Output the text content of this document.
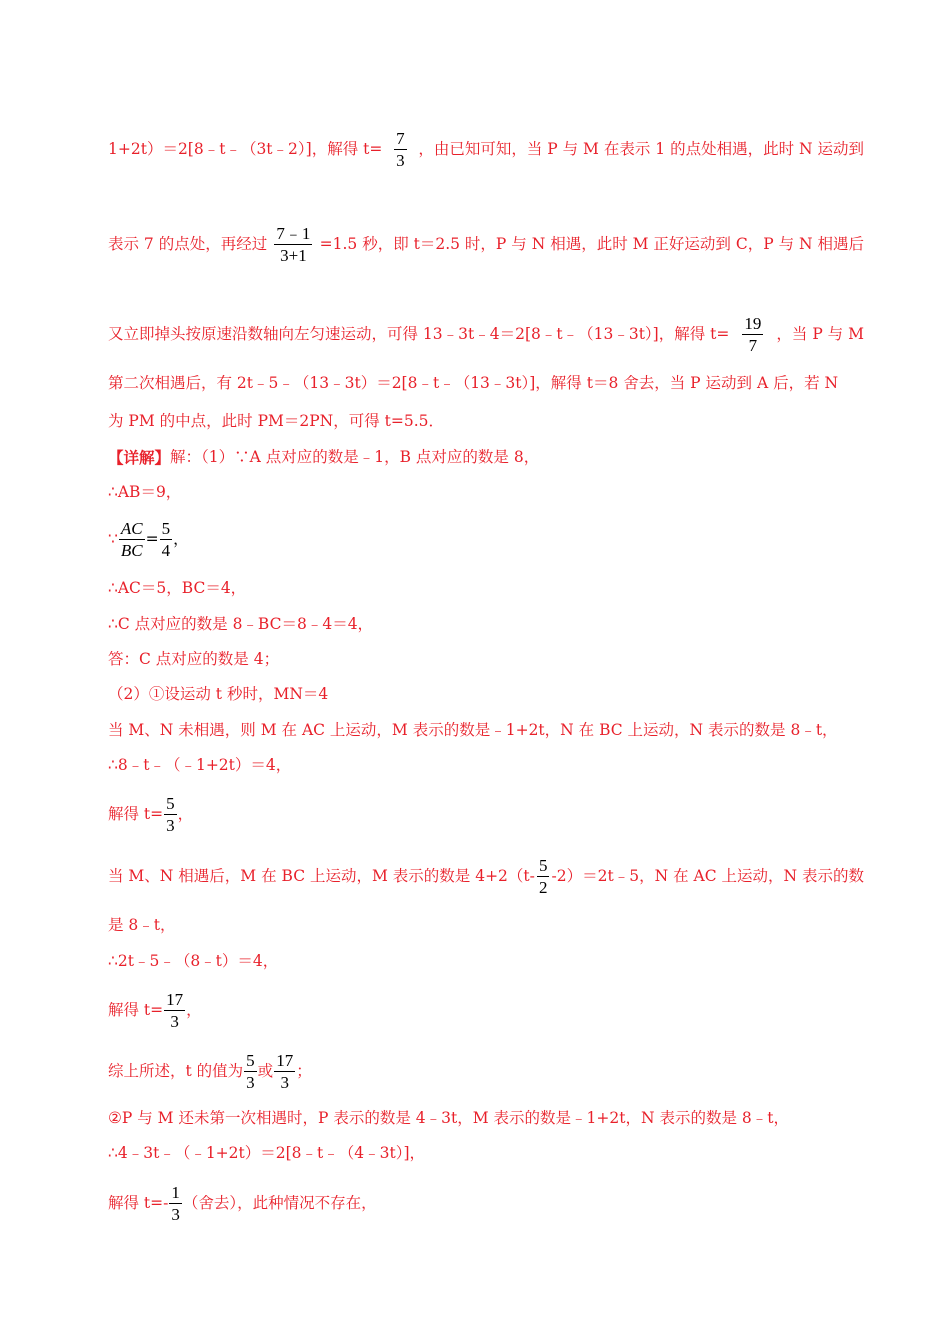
1+2t）＝2[8﹣t﹣（3t﹣2）]，解得 $t= \frac{7}{3}$ ，由已知可知，当 P 与 M 在表示 1 的点处相遇，此时 N 运动到
表示 7 的点处，再经过 $\frac{7﹣1}{3+1} =1.5$ 秒，即 t＝2.5 时，P 与 N 相遇，此时 M 正好运动到 C，P 与 N 相遇后
又立即掉头按原速沿数轴向左匀速运动，可得 13﹣3t﹣4＝2[8﹣t﹣（13﹣3t）]，解得 $t= \frac{19}{7}$ ，当 P 与 M
第二次相遇后，有 2t﹣5﹣（13﹣3t）＝2[8﹣t﹣（13﹣3t）]，解得 t＝8 舍去，当 P 运动到 A 后，若 N
为 PM 的中点，此时 PM＝2PN，可得 t=5.5．
【详解】 解：（1）∵A 点对应的数是﹣1，B 点对应的数是 8，
∴AB＝9，
∵ $\frac{AC}{BC} = \frac{5}{4}$ ，
∴AC＝5，BC＝4，
∴C 点对应的数是 8﹣BC＝8﹣4＝4，
答：C 点对应的数是 4；
（2）①设运动 t 秒时，MN＝4
当 M、N 未相遇，则 M 在 AC 上运动，M 表示的数是﹣1+2t，N 在 BC 上运动，N 表示的数是 8﹣t，
∴8﹣t﹣（﹣1+2t）＝4，
解得 $t= \frac{5}{3}$ ，
当 M、N 相遇后，M 在 BC 上运动，M 表示的数是 4+2（t-
5
2
-2）＝2t﹣5，N 在 AC 上运动，N 表示的数
是 8﹣t，
∴2t﹣5﹣（8﹣t）＝4，
解得 $t= \frac{17}{3}$ ，
综上所述，t 的值为
5
3
或
17
3
；
②P 与 M 还未第一次相遇时，P 表示的数是 4﹣3t，M 表示的数是﹣1+2t，N 表示的数是 8﹣t，
∴4﹣3t﹣（﹣1+2t）＝2[8﹣t﹣（4﹣3t）]，
解得 t=-
1
3
（舍去），此种情况不存在，
